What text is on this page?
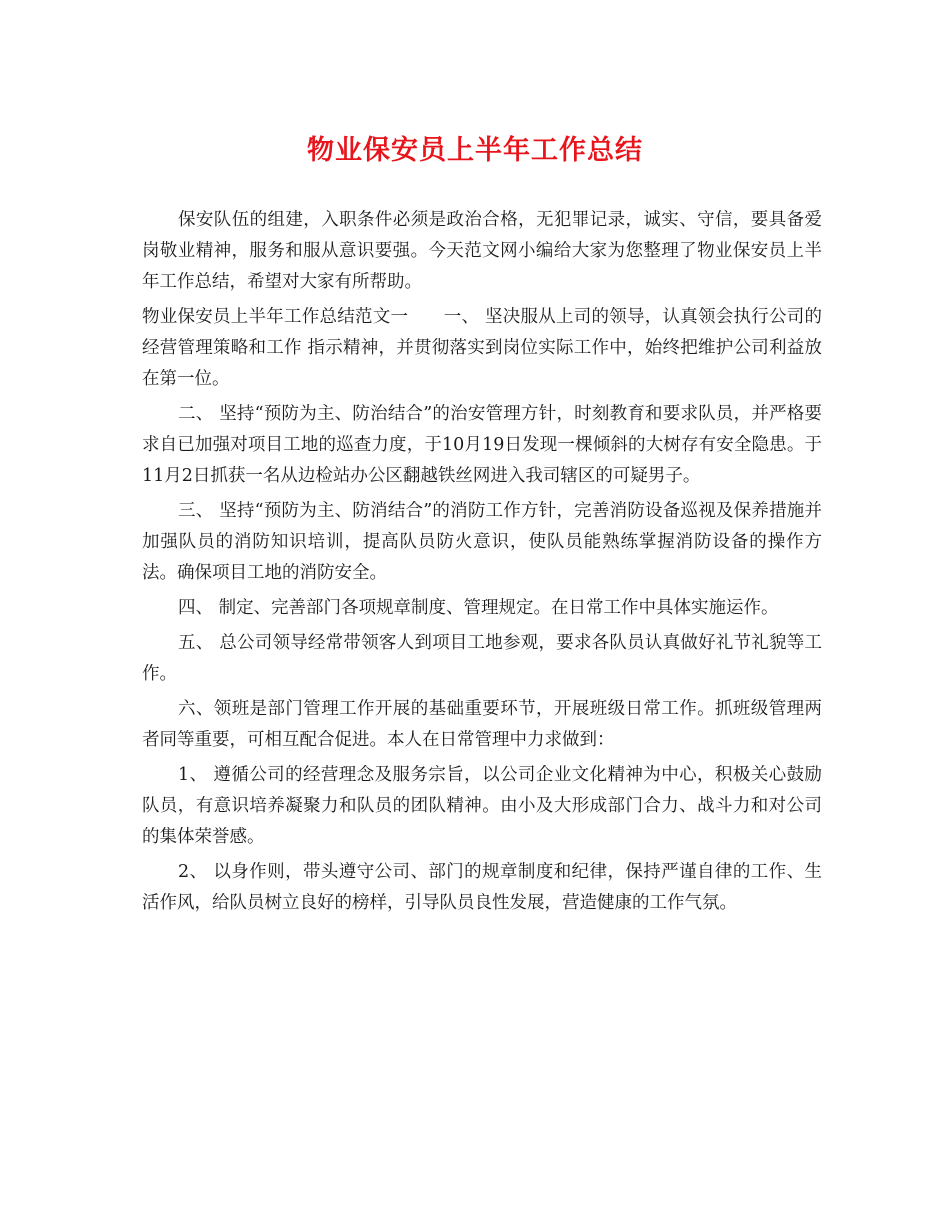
物业保安员上半年工作总结

保安队伍的组建，入职条件必须是政治合格，无犯罪记录，诚实、守信，要具备爱岗敬业精神，服务和服从意识要强。今天范文网小编给大家为您整理了物业保安员上半年工作总结，希望对大家有所帮助。

物业保安员上半年工作总结范文一　　一、 坚决服从上司的领导，认真领会执行公司的经营管理策略和工作 指示精神，并贯彻落实到岗位实际工作中，始终把维护公司利益放在第一位。

二、 坚持“预防为主、防治结合”的治安管理方针，时刻教育和要求队员，并严格要求自已加强对项目工地的巡查力度，于10月19日发现一棵倾斜的大树存有安全隐患。于11月2日抓获一名从边检站办公区翻越铁丝网进入我司辖区的可疑男子。

三、 坚持“预防为主、防消结合”的消防工作方针，完善消防设备巡视及保养措施并加强队员的消防知识培训，提高队员防火意识，使队员能熟练掌握消防设备的操作方法。确保项目工地的消防安全。

四、 制定、完善部门各项规章制度、管理规定。在日常工作中具体实施运作。

五、 总公司领导经常带领客人到项目工地参观，要求各队员认真做好礼节礼貌等工作。

六、领班是部门管理工作开展的基础重要环节，开展班级日常工作。抓班级管理两者同等重要，可相互配合促进。本人在日常管理中力求做到：

1、 遵循公司的经营理念及服务宗旨，以公司企业文化精神为中心，积极关心鼓励队员，有意识培养凝聚力和队员的团队精神。由小及大形成部门合力、战斗力和对公司的集体荣誉感。

2、 以身作则，带头遵守公司、部门的规章制度和纪律，保持严谨自律的工作、生活作风，给队员树立良好的榜样，引导队员良性发展，营造健康的工作气氛。
